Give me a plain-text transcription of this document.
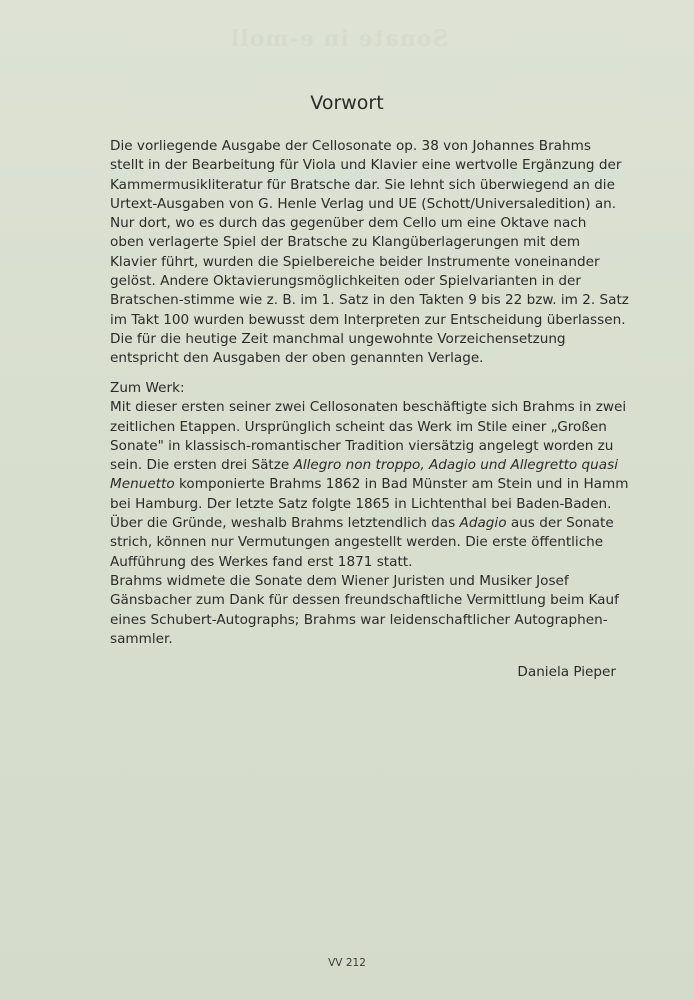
Sonate in e-moll
Vorwort
Die vorliegende Ausgabe der Cellosonate op. 38 von Johannes Brahms
stellt in der Bearbeitung für Viola und Klavier eine wertvolle Ergänzung der
Kammermusikliteratur für Bratsche dar. Sie lehnt sich überwiegend an die
Urtext-Ausgaben von G. Henle Verlag und UE (Schott/Universaledition) an.
Nur dort, wo es durch das gegenüber dem Cello um eine Oktave nach
oben verlagerte Spiel der Bratsche zu Klangüberlagerungen mit dem
Klavier führt, wurden die Spielbereiche beider Instrumente voneinander
gelöst. Andere Oktavierungsmöglichkeiten oder Spielvarianten in der
Bratschen-stimme wie z. B. im 1. Satz in den Takten 9 bis 22 bzw. im 2. Satz
im Takt 100 wurden bewusst dem Interpreten zur Entscheidung überlassen.
Die für die heutige Zeit manchmal ungewohnte Vorzeichensetzung
entspricht den Ausgaben der oben genannten Verlage.
Zum Werk:
Mit dieser ersten seiner zwei Cellosonaten beschäftigte sich Brahms in zwei
zeitlichen Etappen. Ursprünglich scheint das Werk im Stile einer „Großen
Sonate" in klassisch-romantischer Tradition viersätzig angelegt worden zu
sein. Die ersten drei Sätze Allegro non troppo, Adagio und Allegretto quasi
Menuetto komponierte Brahms 1862 in Bad Münster am Stein und in Hamm
bei Hamburg. Der letzte Satz folgte 1865 in Lichtenthal bei Baden-Baden.
Über die Gründe, weshalb Brahms letztendlich das Adagio aus der Sonate
strich, können nur Vermutungen angestellt werden. Die erste öffentliche
Aufführung des Werkes fand erst 1871 statt.
Brahms widmete die Sonate dem Wiener Juristen und Musiker Josef
Gänsbacher zum Dank für dessen freundschaftliche Vermittlung beim Kauf
eines Schubert-Autographs; Brahms war leidenschaftlicher Autographen-
sammler.
Daniela Pieper
VV 212
